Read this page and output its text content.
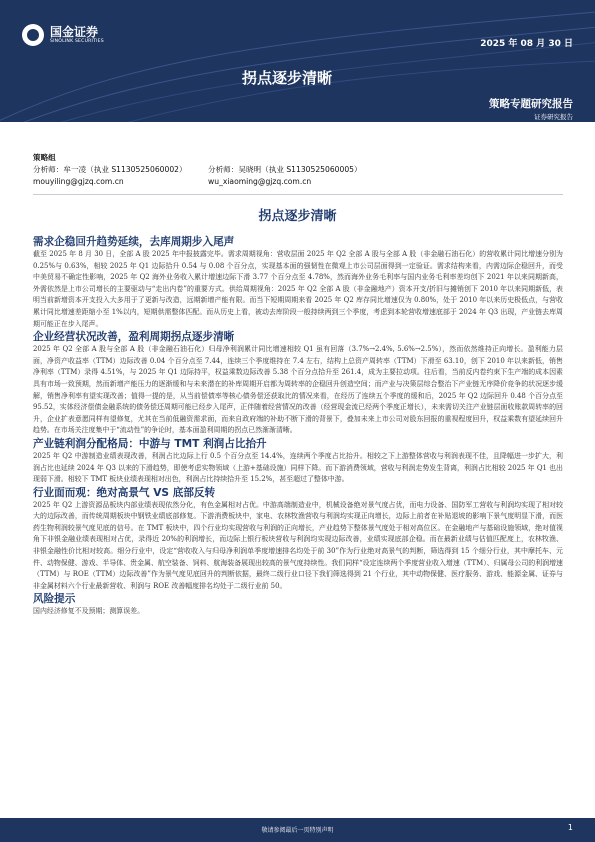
国金证券
SINOLINK SECURITIES	2025 年 08 月 30 日
拐点逐步清晰
策略专题研究报告
证券研究报告
策略组
分析师：牟一凌（执业 S1130525060002）	分析师：吴晓明（执业 S1130525060005）
mouyiling@gjzq.com.cn	wu_xiaoming@gjzq.com.cn
拐点逐步清晰
需求企稳回升趋势延续，去库周期步入尾声

截至 2025 年 8 月 30 日，全部 A 股 2025 年中报披露完毕。需求周期视角：营收层面 2025 年 Q2 全部 A 股与全部 A 股（非金融石油石化）的营收累计同比增速分别为 0.25%与 0.63%，相较 2025 年 Q1 边际拾升 0.54 与 0.08 个百分点，实现基本面的强韧性在微观上市公司层面得到一定验证。需求结构来看，内需边际企稳回升，而受中美贸易不确定性影响，2025 年 Q2 海外业务收入累计增速边际下滑 3.77 个百分点至 4.78%，然而海外业务毛利率与国内业务毛利率差均创下 2021 年以来同期新高，外需依然是上市公司增长的主要驱动与“走出内卷”的重要方式。供给周期视角：2025 年 Q2 全部 A 股（非金融地产）资本开支/折旧与摊销创下 2010 年以来同期新低，表明当前新增资本开支投入大多用于了更新与改造，远期新增产能有限。而当下短期周期来看 2025 年 Q2 库存同比增速仅为 0.80%，处于 2010 年以来历史极低点，与营收累计同比增速差距缩小至 1%以内，短期供需整体匹配。而从历史上看，被动去库阶段一般持续两到三个季度，考虑到本轮营收增速底部于 2024 年 Q3 出现，产业链去库周期可能正在步入尾声。

企业经营状况改善，盈利周期拐点逐步清晰

2025 年 Q2 全部 A 股与全部 A 股（非金融石油石化）归母净利润累计同比增速相较 Q1 虽有回落（3.7%→2.4%, 5.6%→2.5%），然而依然维持正向增长。盈利能力层面，净资产收益率（TTM）边际改善 0.04 个百分点至 7.44，连续三个季度维持在 7.4 左右，结构上总资产周转率（TTM）下滑至 63.10，创下 2010 年以来新低，销售净利率（TTM）录得 4.51%，与 2025 年 Q1 边际持平，权益乘数边际改善 5.38 个百分点拾升至 261.4，成为主要拉动项。往后看，当前反内卷约束下生产端的成本因素具有市场一致预期，然而新增产能压力的逐渐缓和与未来潜在的补库周期开启都为周转率的企稳回升创造空间；而产业与决策层综合整治下产业链无序降价竞争的状况逐步缓解，销售净利率有望实现改善；值得一提的是，从当前偿债率等核心债务偿还获取比的情况来看，在经历了连续五个季度的缓和后，2025 年 Q2 边际回升 0.48 个百分点至 95.52，实体经济偿债金融系统的债务偿还周期可能已经步入尾声，正伴随着经营情况的改善（经营现金流已经两个季度正增长），未来需切关注产业链层面收账款周转率的回升，企业扩表意愿同样有望修复，尤其在当前低融资需求面，而来自政府端的补助不断下滑的背景下，叠加未来上市公司对股东回报的重视程度回升，权益乘数有望延续回升趋势。在市场关注度集中于“流动性”的争论时，基本面盈利周期的拐点已然渐渐清晰。

产业链利润分配格局：中游与 TMT 利润占比抬升

2025 年 Q2 中游制造业绩表现改善，利润占比边际上行 0.5 个百分点至 14.4%，连续两个季度占比抬升。相较之下上游整体营收与利润表现不佳，且降幅进一步扩大，利润占比也延续 2024 年 Q3 以来的下滑趋势，即使考虑实物领域（上游+基础设施）同样下降。而下游消费领域，营收与利润走势发生背离，利润占比相较 2025 年 Q1 也出现弱下滑。相较下 TMT 板块业绩表现相对出色，利润占比持续拾升至 15.2%，甚至超过了整体中游。

行业面而观：绝对高景气 VS 底部反转

2025 年 Q2 上游资源品板块内部业绩表现依然分化，有色金属相对占优。中游高端制造业中，机械设备绝对景气度占优，而电力设备、国防军工营收与利润均实现了相对较大的边际改善，而传统周期板块中钢铁业绩底部修复。下游消费板块中，家电、农林牧渔营收与利润均实现正向增长，边际上前者在补贴退坡的影响下景气度明显下滑，而医药生物利润较景气度见底的信号。在 TMT 板块中，四个行业均实现营收与利润的正向增长，产业趋势下整体景气度处于相对高位区。在金融地产与基础设施领域，绝对值视角下非银金融业绩表现相对占优，录得近 20%的利润增长，而边际上银行板块营收与利润均实现边际改善，业绩实现底部企稳。而在最新业绩与估值匹配度上，农林牧渔、非银金融性价比相对较高。细分行业中，设定“营收收入与归母净利润单季度增速排名均处于前 30”作为行业绝对高景气的判断，筛选得到 15 个细分行业，其中摩托车、元件、动物保健、游戏、半导体、贵金属、航空装备、饲料、航海装备展现出较高的景气度持续性。我们同样“设定连续两个季度营业收入增速（TTM）、归属母公司的利润增速（TTM）与 ROE（TTM）边际改善”作为景气度见底回升的判断依据，最终二级行业口径下我们筛选得到 21 个行业，其中动物保健、医疗服务、游戏、能源金属、证券与非金属材料六个行业最新营收、利润与 ROE 改善幅度排名均处于二级行业前 50。

风险提示

国内经济修复不及预期；测算误差。

敬请参阅最后一页特别声明	1
